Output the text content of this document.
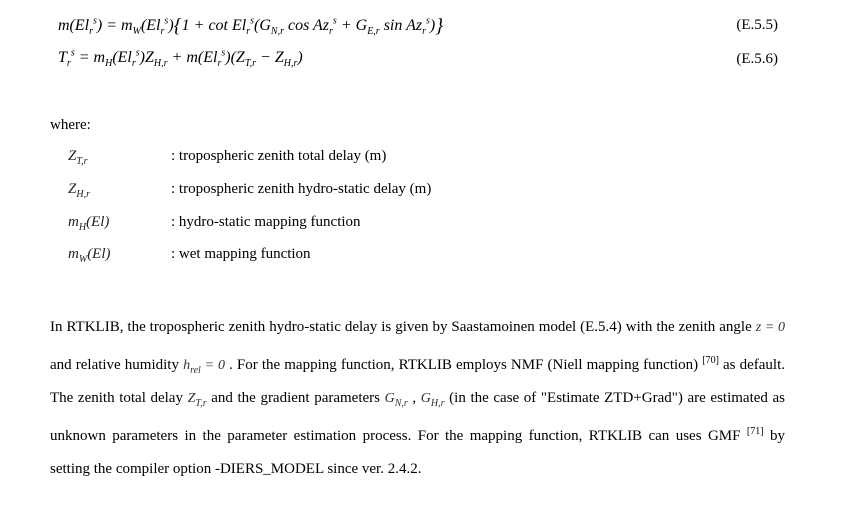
$m(El_r^s) = m_W(El_r^s)\{1 + \cot El_r^s(G_{N,r}$ $\cos Az_r^s + G_{E,r}$ $\sin Az_r^s$)}	(E.5.5)
$T_r^s = m_H(El_r^s)Z_{H,r} + m(El_r^s)(Z_{T,r} - Z_{H,r})$	(E.5.6)
where:
$Z_{T,r}$	: tropospheric zenith total delay (m)
$Z_{H,r}$	: tropospheric zenith hydro-static delay (m)
$m_H(El)$	: hydro-static mapping function
$m_W(El)$	: wet mapping function
In RTKLIB, the tropospheric zenith hydro-static delay is given by Saastamoinen model (E.5.4) with the zenith angle z = 0 and relative humidity $h_{rel} = 0$ . For the mapping function, RTKLIB employs NMF (Niell mapping function) [70] as default. The zenith total delay $Z_{T,r}$ and the gradient parameters $G_{N,r}$ , $G_{H,r}$ (in the case of "Estimate ZTD+Grad") are estimated as unknown parameters in the parameter estimation process. For the mapping function, RTKLIB can uses GMF [71] by setting the compiler option -DIERS_MODEL since ver. 2.4.2.
